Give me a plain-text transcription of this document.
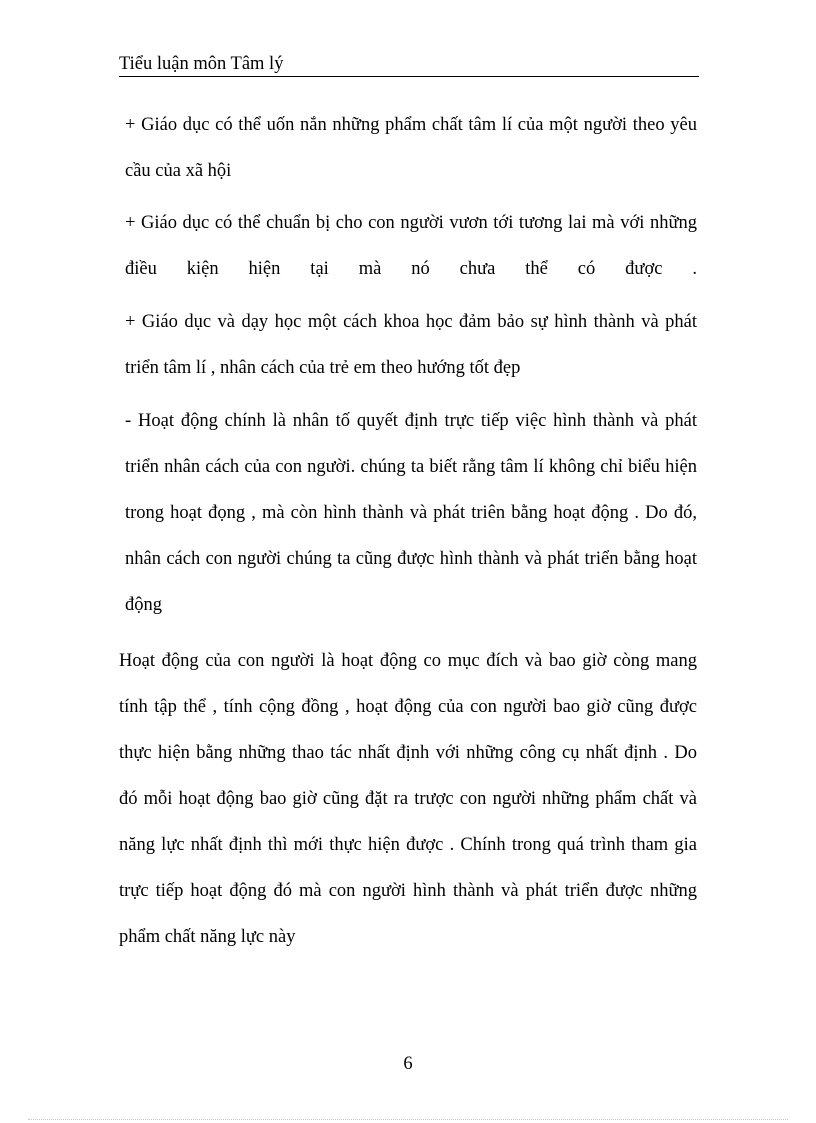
Tiểu luận môn Tâm lý
+ Giáo dục có thể uốn nắn những phẩm chất tâm lí của một người theo yêu
cầu của xã hội
+ Giáo dục có thể chuẩn bị cho con người vươn tới tương lai mà với những
điều kiện hiện tại mà nó chưa thể có được .
+ Giáo dục và dạy học một cách khoa học đảm bảo sự hình thành và phát
triển tâm lí , nhân cách của trẻ em theo hướng tốt đẹp
- Hoạt động chính là nhân tố quyết định trực tiếp việc hình thành và phát
triển nhân cách của con người. chúng ta biết rằng tâm lí không chỉ biểu hiện
trong hoạt đọng , mà còn hình thành và phát triên bằng hoạt động . Do đó,
nhân cách con người chúng ta cũng được hình thành và phát triển bằng hoạt
động
Hoạt động của con người là hoạt động co mục đích và bao giờ còng mang
tính tập thể , tính cộng đồng , hoạt động của con người bao giờ cũng được
thực hiện bằng những thao tác nhất định với những công cụ nhất định . Do
đó mỗi hoạt động bao giờ cũng đặt ra trược con người những phẩm chất và
năng lực nhất định thì mới thực hiện được . Chính trong quá trình tham gia
trực tiếp hoạt động đó mà con người hình thành và phát triển được những
phẩm chất năng lực này
6
